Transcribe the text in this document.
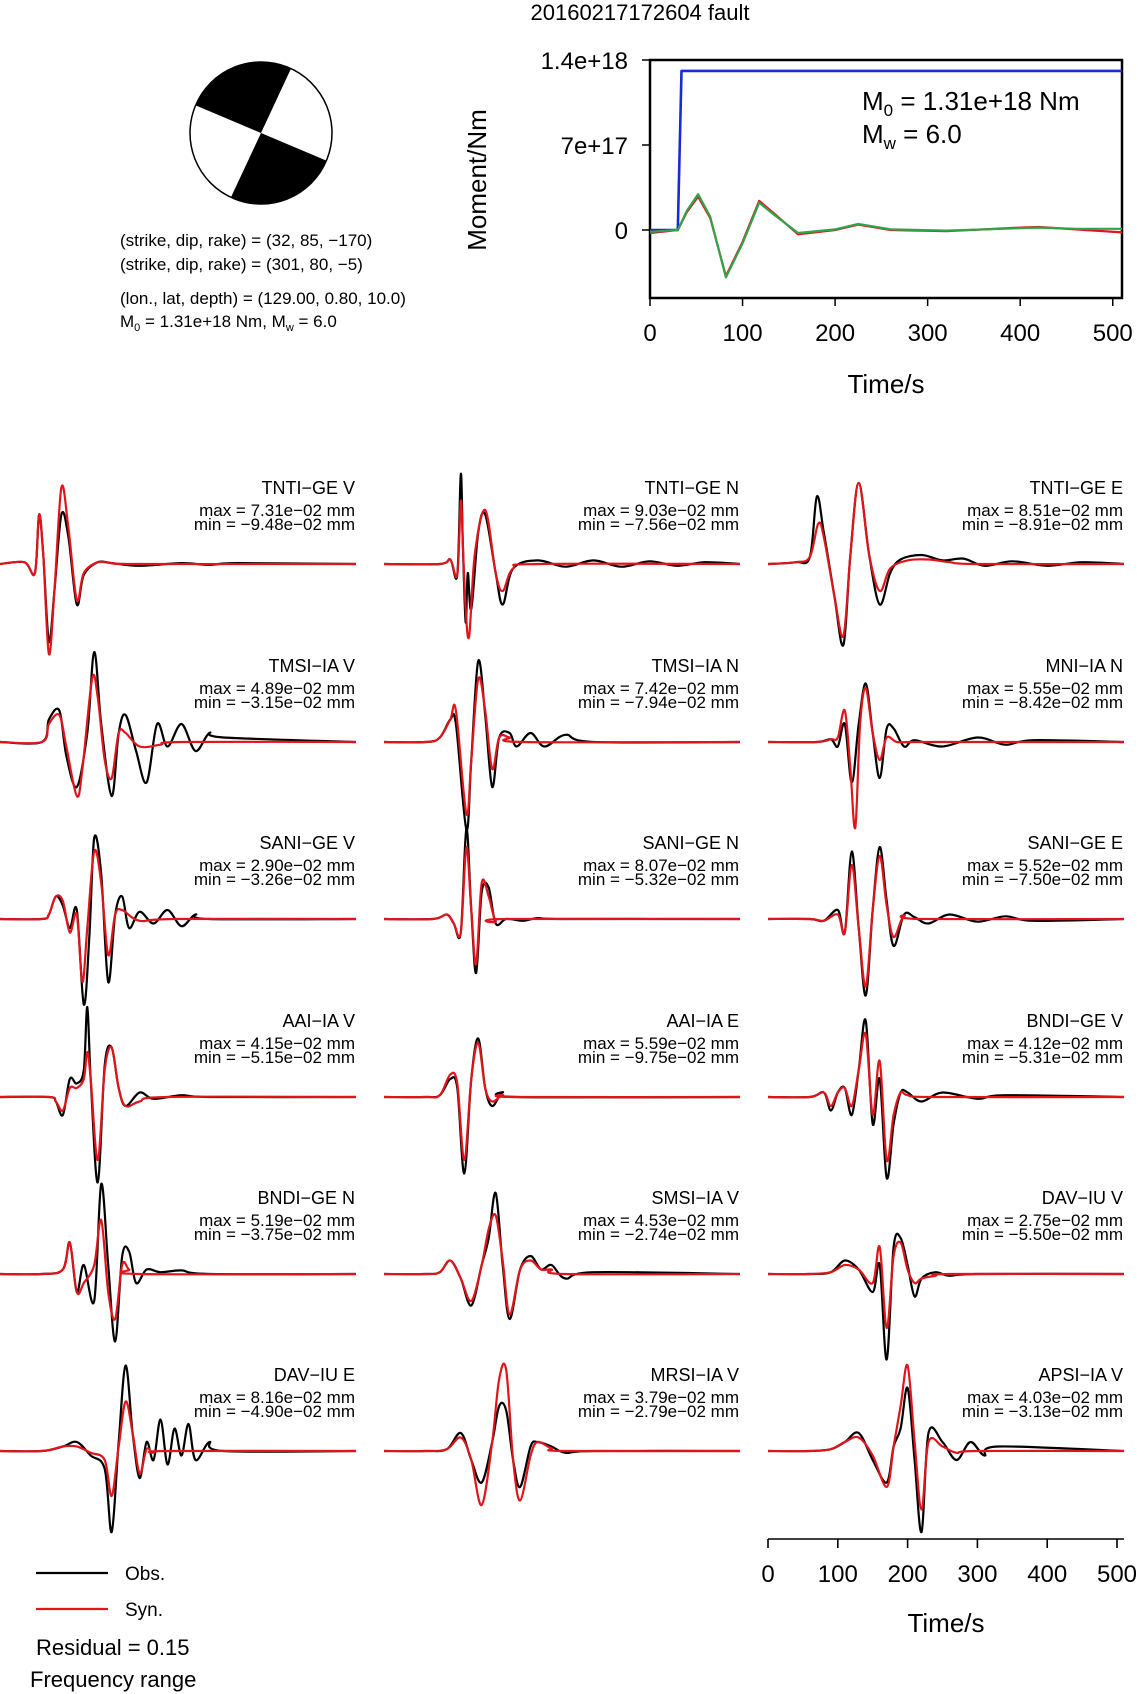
20160217172604 fault
(strike, dip, rake) = (32, 85, −170)
(strike, dip, rake) = (301, 80, −5)
(lon., lat, depth) = (129.00, 0.80, 10.0)
M0 = 1.31e+18 Nm, Mw = 6.0	0	100 200 300 400 500
0
7e+17
1.4e+18
Moment/Nm
Time/s
M0 = 1.31e+18 Nm
Mw = 6.0
TNTI−GE V
max = 7.31e−02 mm
min = −9.48e−02 mm
TNTI−GE N
max = 9.03e−02 mm
min = −7.56e−02 mm
TNTI−GE E
max = 8.51e−02 mm
min = −8.91e−02 mm
TMSI−IA V
max = 4.89e−02 mm
min = −3.15e−02 mm
TMSI−IA N
max = 7.42e−02 mm
min = −7.94e−02 mm
MNI−IA N
max = 5.55e−02 mm
min = −8.42e−02 mm
SANI−GE V
max = 2.90e−02 mm
min = −3.26e−02 mm
SANI−GE N
max = 8.07e−02 mm
min = −5.32e−02 mm
SANI−GE E
max = 5.52e−02 mm
min = −7.50e−02 mm
AAI−IA V
max = 4.15e−02 mm
min = −5.15e−02 mm
AAI−IA E
max = 5.59e−02 mm
min = −9.75e−02 mm
BNDI−GE V
max = 4.12e−02 mm
min = −5.31e−02 mm
BNDI−GE N
max = 5.19e−02 mm
min = −3.75e−02 mm
SMSI−IA V
max = 4.53e−02 mm
min = −2.74e−02 mm
DAV−IU V
max = 2.75e−02 mm
min = −5.50e−02 mm
DAV−IU E
max = 8.16e−02 mm
min = −4.90e−02 mm
MRSI−IA V
max = 3.79e−02 mm
min = −2.79e−02 mm
APSI−IA V
max = 4.03e−02 mm
min = −3.13e−02 mm
0 100 200 300 400 500
Time/s
Obs.
Syn.
Residual = 0.15
Frequency range
